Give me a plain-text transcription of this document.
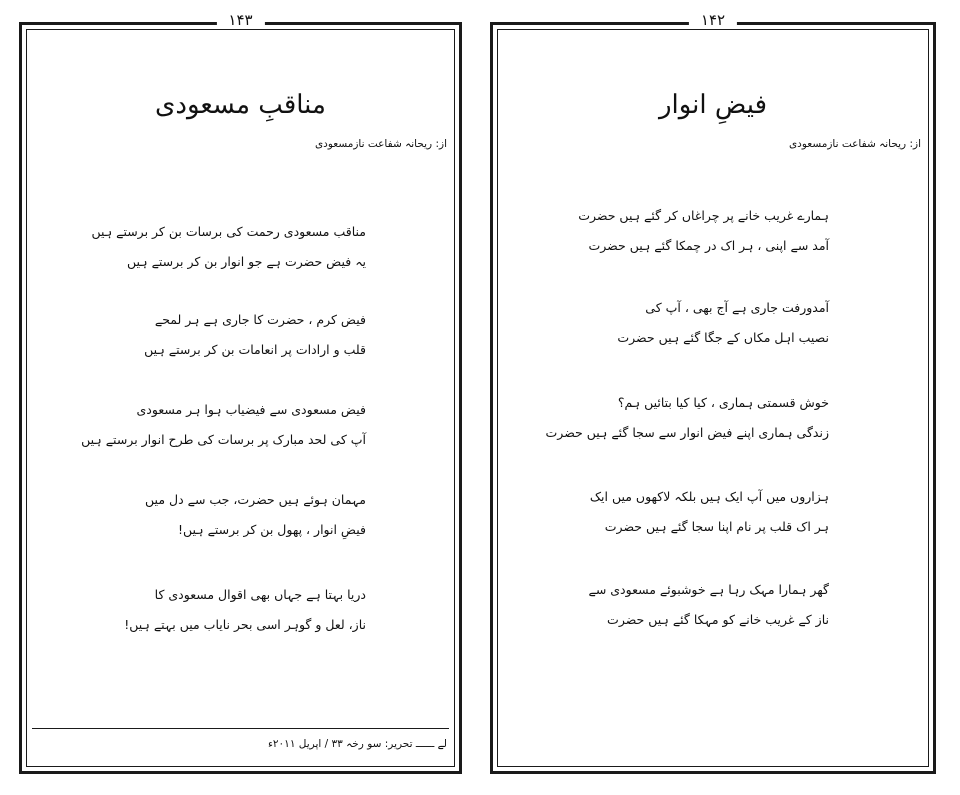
۱۴۳
مناقبِ مسعودی
از: ریحانہ شفاعت نازمسعودی
مناقب مسعودی رحمت کی برسات بن کر برستے ہیں
یہ فیض حضرت ہے جو انوار بن کر برستے ہیں
فیض کرم ، حضرت کا جاری ہے ہر لمحے
قلب و ارادات پر انعامات بن کر برستے ہیں
فیض مسعودی سے فیضیاب ہوا ہر مسعودی
آپ کی لحد مبارک پر برسات کی طرح انوار برستے ہیں
مہمان ہوئے ہیں حضرت، جب سے دل میں
فیضِ انوار ، پھول بن کر برستے ہیں!
دریا بہتا ہے جہاں بھی اقوال مسعودی کا
ناز، لعل و گوہر اسی بحر نایاب میں بہتے ہیں!
لے ــــــ تحریر: سو رخہ ۳۳ / اپریل ۲۰۱۱ء
۱۴۲
فیضِ انوار
از: ریحانہ شفاعت نازمسعودی
ہمارے غریب خانے پر چراغاں کر گئے ہیں حضرت
آمد سے اپنی ، ہر اک در چمکا گئے ہیں حضرت
آمدورفت جاری ہے آج بھی ، آپ کی
نصیب اہل مکاں کے جگا گئے ہیں حضرت
خوش قسمتی ہماری ، کیا کیا بتائیں ہم؟
زندگی ہماری اپنے فیض انوار سے سجا گئے ہیں حضرت
ہزاروں میں آپ ایک ہیں بلکہ لاکھوں میں ایک
ہر اک قلب پر نام اپنا سجا گئے ہیں حضرت
گھر ہمارا مہک رہا ہے خوشبوئے مسعودی سے
ناز کے غریب خانے کو مہکا گئے ہیں حضرت
